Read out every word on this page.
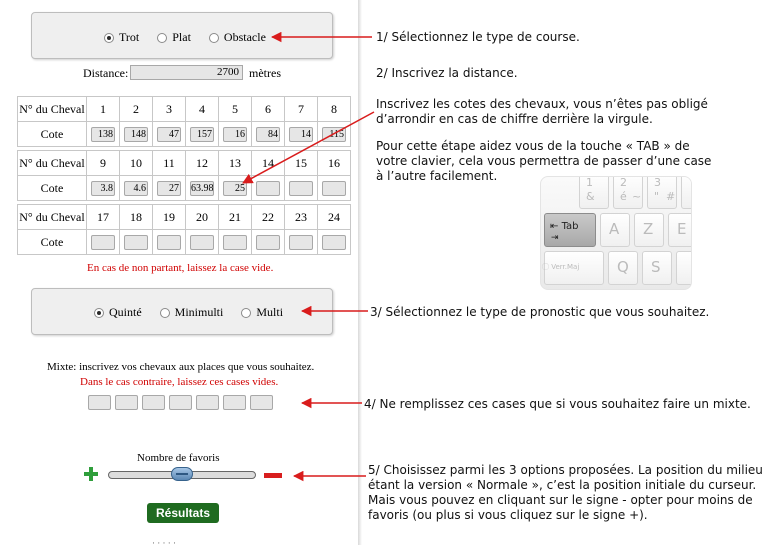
Trot	Plat	Obstacle
Distance:	2700 mètres
N° du Cheval	1	2	3	4	5	6	7	8
Cote	138	148	47	157	16	84	14	115
N° du Cheval	9	10	11	12	13	14	15	16
Cote	3.8	4.6	27	63.98	25			
N° du Cheval	17	18	19	20	21	22	23	24
Cote								
En cas de non partant, laissez la case vide.
Quinté	Minimulti	Multi
Mixte: inscrivez vos chevaux aux places que vous souhaitez.
Dans le cas contraire, laissez ces cases vides.
Nombre de favoris
Résultats
· · · · ·
1/ Sélectionnez le type de course.
2/ Inscrivez la distance.
Inscrivez les cotes des chevaux, vous n’êtes pas obligé
d’arrondir en cas de chiffre derrière la virgule.
Pour cette étape aidez vous de la touche « TAB » de
votre clavier, cela vous permettra de passer d’une case
à l’autre facilement.
3/ Sélectionnez le type de pronostic que vous souhaitez.
4/ Ne remplissez ces cases que si vous souhaitez faire un mixte.
5/ Choisissez parmi les 3 options proposées. La position du milieu
étant la version « Normale », c’est la position initiale du curseur.
Mais vous pouvez en cliquant sur le signe - opter pour moins de
favoris (ou plus si vous cliquez sur le signe +).
1
&
2
é ~
3
" #
⇤ Tab
⇥	A Z E
⃝ Verr.Maj	Q S
